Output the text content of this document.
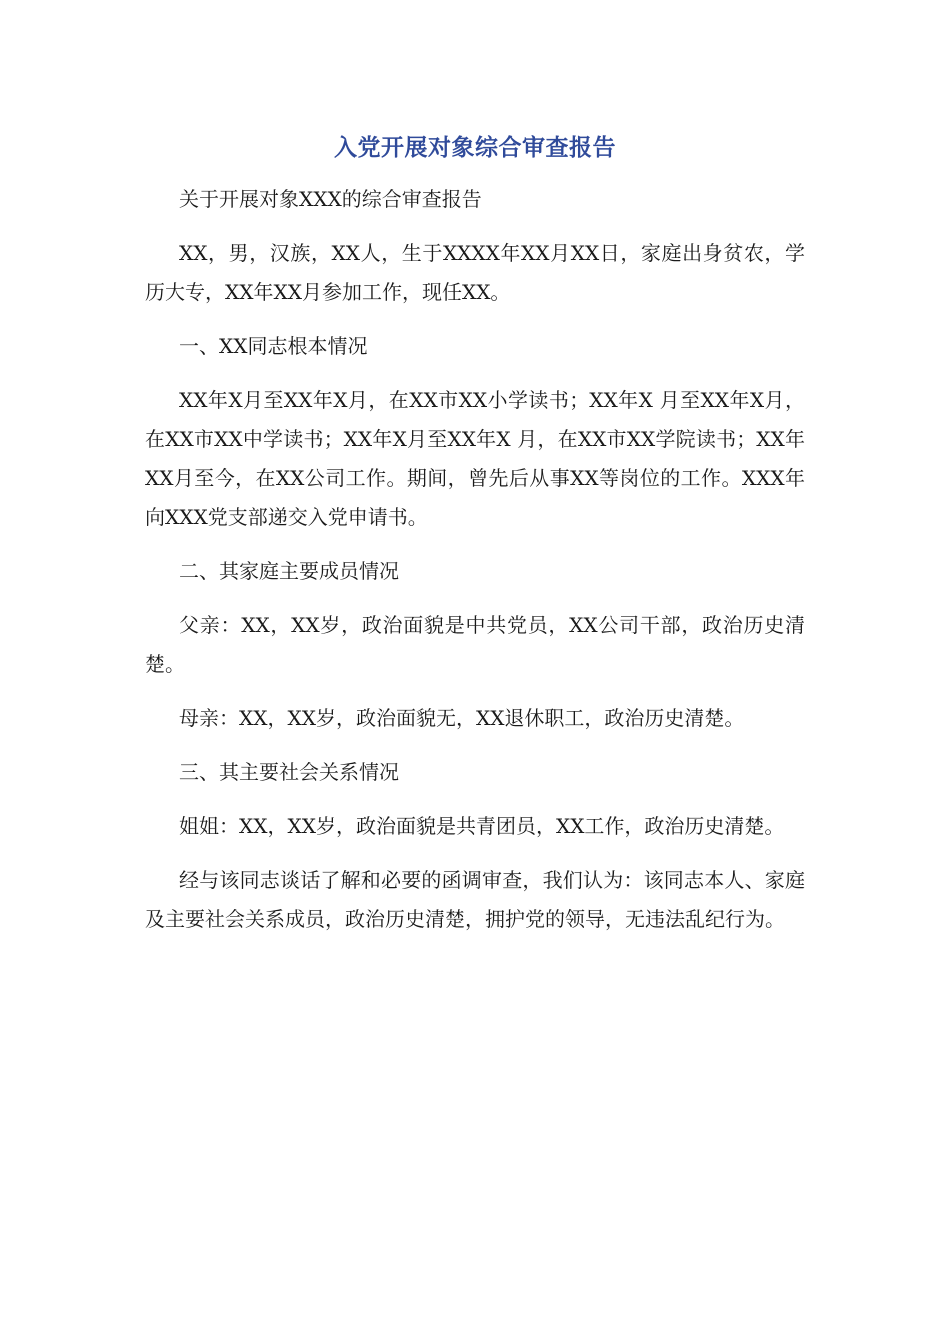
入党开展对象综合审查报告

关于开展对象XXX的综合审查报告

XX，男，汉族，XX人，生于XXXX年XX月XX日，家庭出身贫农，学历大专，XX年XX月参加工作，现任XX。

一、XX同志根本情况

XX年X月至XX年X月，在XX市XX小学读书；XX年X 月至XX年X月，在XX市XX中学读书；XX年X月至XX年X 月，在XX市XX学院读书；XX年XX月至今，在XX公司工作。期间，曾先后从事XX等岗位的工作。XXX年向XXX党支部递交入党申请书。

二、其家庭主要成员情况

父亲：XX，XX岁，政治面貌是中共党员，XX公司干部，政治历史清楚。

母亲：XX，XX岁，政治面貌无，XX退休职工，政治历史清楚。

三、其主要社会关系情况

姐姐：XX，XX岁，政治面貌是共青团员，XX工作，政治历史清楚。

经与该同志谈话了解和必要的函调审查，我们认为：该同志本人、家庭及主要社会关系成员，政治历史清楚，拥护党的领导，无违法乱纪行为。
